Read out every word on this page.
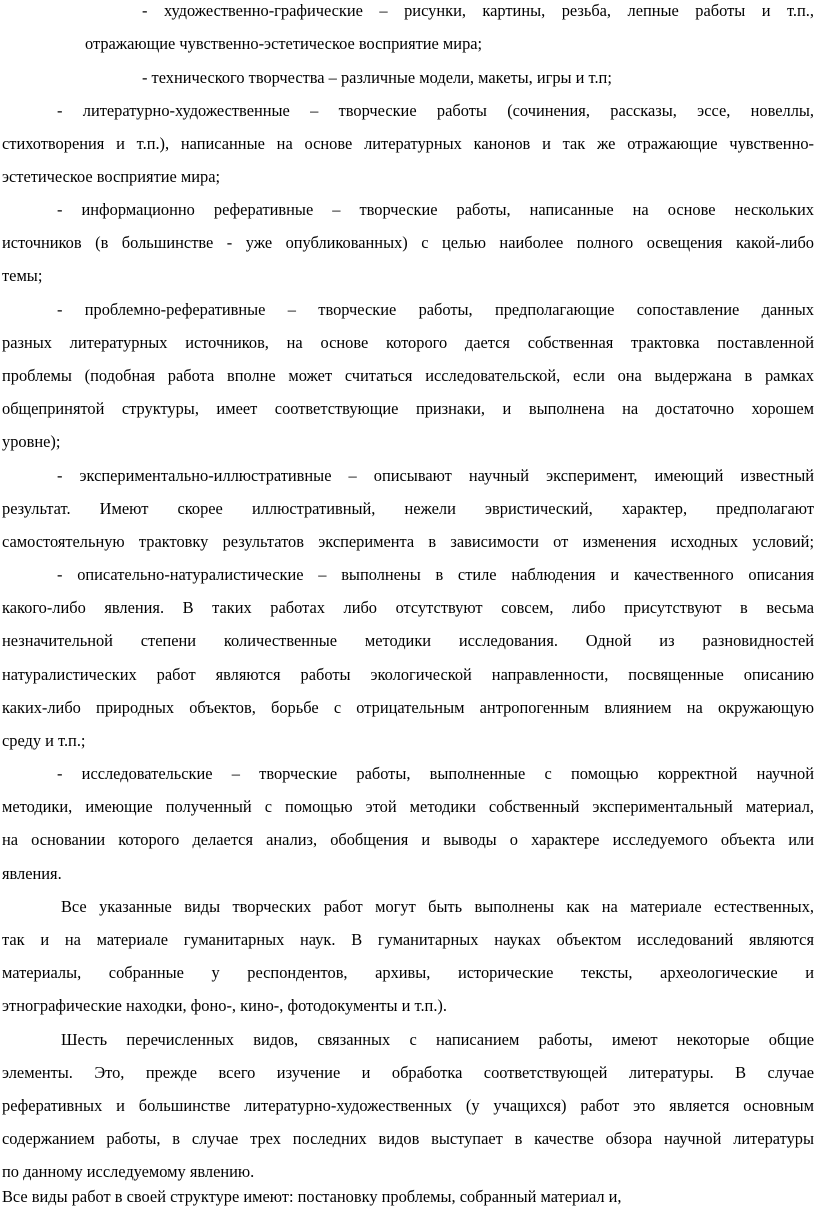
- художественно-графические – рисунки, картины, резьба, лепные работы и т.п.,
отражающие чувственно-эстетическое восприятие мира;
- технического творчества – различные модели, макеты, игры и т.п;
- литературно-художественные – творческие работы (сочинения, рассказы, эссе, новеллы,
стихотворения и т.п.), написанные на основе литературных канонов и так же отражающие чувственно-
эстетическое восприятие мира;
- информационно реферативные – творческие работы, написанные на основе нескольких
источников (в большинстве - уже опубликованных) с целью наиболее полного освещения какой-либо
темы;
- проблемно-реферативные – творческие работы, предполагающие сопоставление данных
разных литературных источников, на основе которого дается собственная трактовка поставленной
проблемы (подобная работа вполне может считаться исследовательской, если она выдержана в рамках
общепринятой структуры, имеет соответствующие признаки, и выполнена на достаточно хорошем
уровне);
- экспериментально-иллюстративные – описывают научный эксперимент, имеющий известный
результат. Имеют скорее иллюстративный, нежели эвристический, характер, предполагают
самостоятельную трактовку результатов эксперимента в зависимости от изменения исходных условий;
- описательно-натуралистические – выполнены в стиле наблюдения и качественного описания
какого-либо явления. В таких работах либо отсутствуют совсем, либо присутствуют в весьма
незначительной степени количественные методики исследования. Одной из разновидностей
натуралистических работ являются работы экологической направленности, посвященные описанию
каких-либо природных объектов, борьбе с отрицательным антропогенным влиянием на окружающую
среду и т.п.;
- исследовательские – творческие работы, выполненные с помощью корректной научной
методики, имеющие полученный с помощью этой методики собственный экспериментальный материал,
на основании которого делается анализ, обобщения и выводы о характере исследуемого объекта или
явления.
Все указанные виды творческих работ могут быть выполнены как на материале естественных,
так и на материале гуманитарных наук. В гуманитарных науках объектом исследований являются
материалы, собранные у респондентов, архивы, исторические тексты, археологические и
этнографические находки, фоно-, кино-, фотодокументы и т.п.).
Шесть перечисленных видов, связанных с написанием работы, имеют некоторые общие
элементы. Это, прежде всего изучение и обработка соответствующей литературы. В случае
реферативных и большинстве литературно-художественных (у учащихся) работ это является основным
содержанием работы, в случае трех последних видов выступает в качестве обзора научной литературы
по данному исследуемому явлению.
Все виды работ в своей структуре имеют: постановку проблемы, собранный материал и,
